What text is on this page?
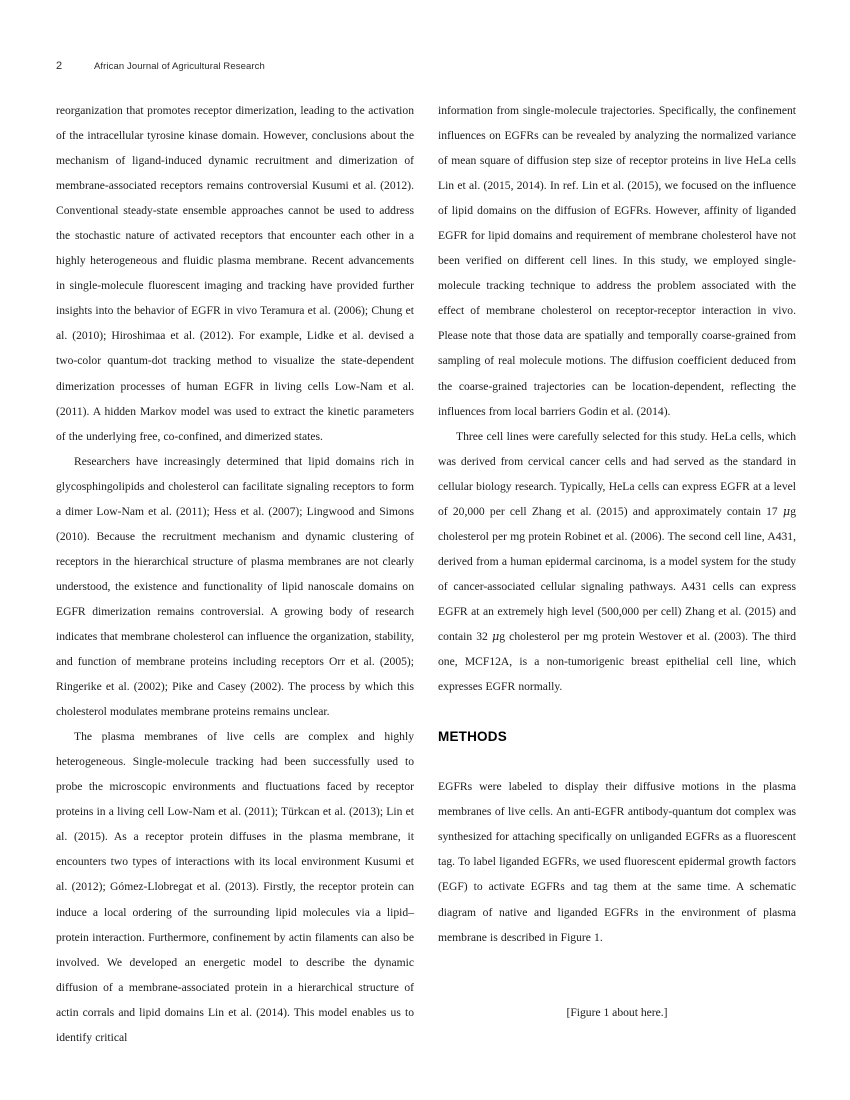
2	African Journal of Agricultural Research

reorganization that promotes receptor dimerization, leading to the activation of the intracellular tyrosine kinase domain. However, conclusions about the mechanism of ligand-induced dynamic recruitment and dimerization of membrane-associated receptors remains controversial Kusumi et al. (2012). Conventional steady-state ensemble approaches cannot be used to address the stochastic nature of activated receptors that encounter each other in a highly heterogeneous and fluidic plasma membrane. Recent advancements in single-molecule fluorescent imaging and tracking have provided further insights into the behavior of EGFR in vivo Teramura et al. (2006); Chung et al. (2010); Hiroshimaa et al. (2012). For example, Lidke et al. devised a two-color quantum-dot tracking method to visualize the state-dependent dimerization processes of human EGFR in living cells Low-Nam et al. (2011). A hidden Markov model was used to extract the kinetic parameters of the underlying free, co-confined, and dimerized states.

Researchers have increasingly determined that lipid domains rich in glycosphingolipids and cholesterol can facilitate signaling receptors to form a dimer Low-Nam et al. (2011); Hess et al. (2007); Lingwood and Simons (2010). Because the recruitment mechanism and dynamic clustering of receptors in the hierarchical structure of plasma membranes are not clearly understood, the existence and functionality of lipid nanoscale domains on EGFR dimerization remains controversial. A growing body of research indicates that membrane cholesterol can influence the organization, stability, and function of membrane proteins including receptors Orr et al. (2005); Ringerike et al. (2002); Pike and Casey (2002). The process by which this cholesterol modulates membrane proteins remains unclear.

The plasma membranes of live cells are complex and highly heterogeneous. Single-molecule tracking had been successfully used to probe the microscopic environments and fluctuations faced by receptor proteins in a living cell Low-Nam et al. (2011); Türkcan et al. (2013); Lin et al. (2015). As a receptor protein diffuses in the plasma membrane, it encounters two types of interactions with its local environment Kusumi et al. (2012); Gómez-Llobregat et al. (2013). Firstly, the receptor protein can induce a local ordering of the surrounding lipid molecules via a lipid–protein interaction. Furthermore, confinement by actin filaments can also be involved. We developed an energetic model to describe the dynamic diffusion of a membrane-associated protein in a hierarchical structure of actin corrals and lipid domains Lin et al. (2014). This model enables us to identify critical

information from single-molecule trajectories. Specifically, the confinement influences on EGFRs can be revealed by analyzing the normalized variance of mean square of diffusion step size of receptor proteins in live HeLa cells Lin et al. (2015, 2014). In ref. Lin et al. (2015), we focused on the influence of lipid domains on the diffusion of EGFRs. However, affinity of liganded EGFR for lipid domains and requirement of membrane cholesterol have not been verified on different cell lines. In this study, we employed single-molecule tracking technique to address the problem associated with the effect of membrane cholesterol on receptor-receptor interaction in vivo. Please note that those data are spatially and temporally coarse-grained from sampling of real molecule motions. The diffusion coefficient deduced from the coarse-grained trajectories can be location-dependent, reflecting the influences from local barriers Godin et al. (2014).

Three cell lines were carefully selected for this study. HeLa cells, which was derived from cervical cancer cells and had served as the standard in cellular biology research. Typically, HeLa cells can express EGFR at a level of 20,000 per cell Zhang et al. (2015) and approximately contain 17 μg cholesterol per mg protein Robinet et al. (2006). The second cell line, A431, derived from a human epidermal carcinoma, is a model system for the study of cancer-associated cellular signaling pathways. A431 cells can express EGFR at an extremely high level (500,000 per cell) Zhang et al. (2015) and contain 32 μg cholesterol per mg protein Westover et al. (2003). The third one, MCF12A, is a non-tumorigenic breast epithelial cell line, which expresses EGFR normally.

METHODS

EGFRs were labeled to display their diffusive motions in the plasma membranes of live cells. An anti-EGFR antibody-quantum dot complex was synthesized for attaching specifically on unliganded EGFRs as a fluorescent tag. To label liganded EGFRs, we used fluorescent epidermal growth factors (EGF) to activate EGFRs and tag them at the same time. A schematic diagram of native and liganded EGFRs in the environment of plasma membrane is described in Figure 1.

[Figure 1 about here.]
